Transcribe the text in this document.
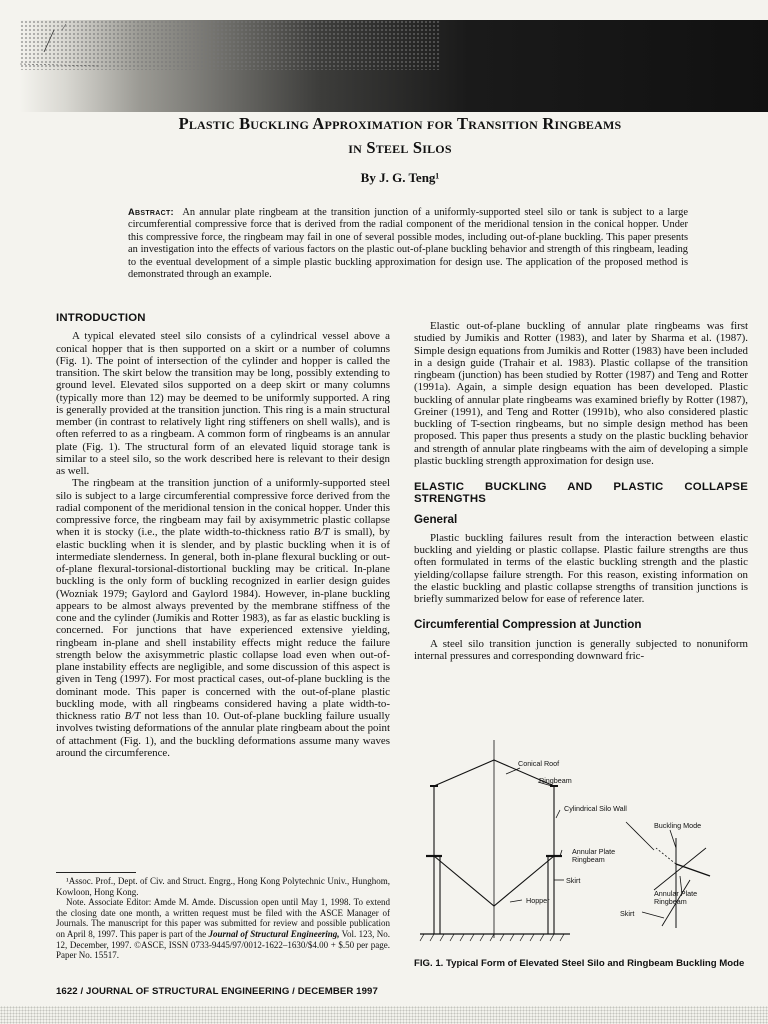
Plastic Buckling Approximation for Transition Ringbeams
in Steel Silos
By J. G. Teng¹
Abstract: An annular plate ringbeam at the transition junction of a uniformly-supported steel silo or tank is subject to a large circumferential compressive force that is derived from the radial component of the meridional tension in the conical hopper. Under this compressive force, the ringbeam may fail in one of several possible modes, including out-of-plane buckling. This paper presents an investigation into the effects of various factors on the plastic out-of-plane buckling behavior and strength of this ringbeam, leading to the eventual development of a simple plastic buckling approximation for design use. The application of the proposed method is demonstrated through an example.
INTRODUCTION

A typical elevated steel silo consists of a cylindrical vessel above a conical hopper that is then supported on a skirt or a number of columns (Fig. 1). The point of intersection of the cylinder and hopper is called the transition. The skirt below the transition may be long, possibly extending to ground level. Elevated silos supported on a deep skirt or many columns (typically more than 12) may be deemed to be uniformly supported. A ring is generally provided at the transition junction. This ring is a main structural member (in contrast to relatively light ring stiffeners on shell walls), and is often referred to as a ringbeam. A common form of ringbeams is an annular plate (Fig. 1). The structural form of an elevated liquid storage tank is similar to a steel silo, so the work described here is relevant to their design as well.

The ringbeam at the transition junction of a uniformly-supported steel silo is subject to a large circumferential compressive force derived from the radial component of the meridional tension in the conical hopper. Under this compressive force, the ringbeam may fail by axisymmetric plastic collapse when it is stocky (i.e., the plate width-to-thickness ratio B/T is small), by elastic buckling when it is slender, and by plastic buckling when it is of intermediate slenderness. In general, both in-plane flexural buckling or out-of-plane flexural-torsional-distortional buckling may be critical. In-plane buckling is the only form of buckling recognized in earlier design guides (Wozniak 1979; Gaylord and Gaylord 1984). However, in-plane buckling appears to be almost always prevented by the membrane stiffness of the cone and the cylinder (Jumikis and Rotter 1983), as far as elastic buckling is concerned. For junctions that have experienced extensive yielding, ringbeam in-plane and shell instability effects might reduce the failure strength below the axisymmetric plastic collapse load even when out-of-plane instability effects are negligible, and some discussion of this aspect is given in Teng (1997). For most practical cases, out-of-plane buckling is the dominant mode. This paper is concerned with the out-of-plane plastic buckling mode, with all ringbeams considered having a plate width-to-thickness ratio B/T not less than 10. Out-of-plane buckling failure usually involves twisting deformations of the annular plate ringbeam about the point of attachment (Fig. 1), and the buckling deformations assume many waves around the circumference.

¹Assoc. Prof., Dept. of Civ. and Struct. Engrg., Hong Kong Polytechnic Univ., Hunghom, Kowloon, Hong Kong.

Note. Associate Editor: Amde M. Amde. Discussion open until May 1, 1998. To extend the closing date one month, a written request must be filed with the ASCE Manager of Journals. The manuscript for this paper was submitted for review and possible publication on April 8, 1997. This paper is part of the Journal of Structural Engineering, Vol. 123, No. 12, December, 1997. ©ASCE, ISSN 0733-9445/97/0012-1622–1630/$4.00 + $.50 per page. Paper No. 15517.

1622 / JOURNAL OF STRUCTURAL ENGINEERING / DECEMBER 1997

Elastic out-of-plane buckling of annular plate ringbeams was first studied by Jumikis and Rotter (1983), and later by Sharma et al. (1987). Simple design equations from Jumikis and Rotter (1983) have been included in a design guide (Trahair et al. 1983). Plastic collapse of the transition ringbeam (junction) has been studied by Rotter (1987) and Teng and Rotter (1991a). Again, a simple design equation has been developed. Plastic buckling of annular plate ringbeams was examined briefly by Rotter (1987), Greiner (1991), and Teng and Rotter (1991b), who also considered plastic buckling of T-section ringbeams, but no simple design method has been proposed. This paper thus presents a study on the plastic buckling behavior and strength of annular plate ringbeams with the aim of developing a simple plastic buckling strength approximation for design use.

ELASTIC BUCKLING AND PLASTIC COLLAPSE STRENGTHS
General

Plastic buckling failures result from the interaction between elastic buckling and yielding or plastic collapse. Plastic failure strengths are thus often formulated in terms of the elastic buckling strength and the plastic yielding/collapse failure strength. For this reason, existing information on the elastic buckling and plastic collapse strengths of transition junctions is briefly summarized below for ease of reference later.

Circumferential Compression at Junction

A steel silo transition junction is generally subjected to nonuniform internal pressures and corresponding downward fric-

Conical Roof
Ringbeam
Cylindrical Silo Wall
Buckling Mode
Annular Plate
Ringbeam
Skirt
Hopper
Annular Plate
Ringbeam
Skirt
FIG. 1. Typical Form of Elevated Steel Silo and Ringbeam Buckling Mode
